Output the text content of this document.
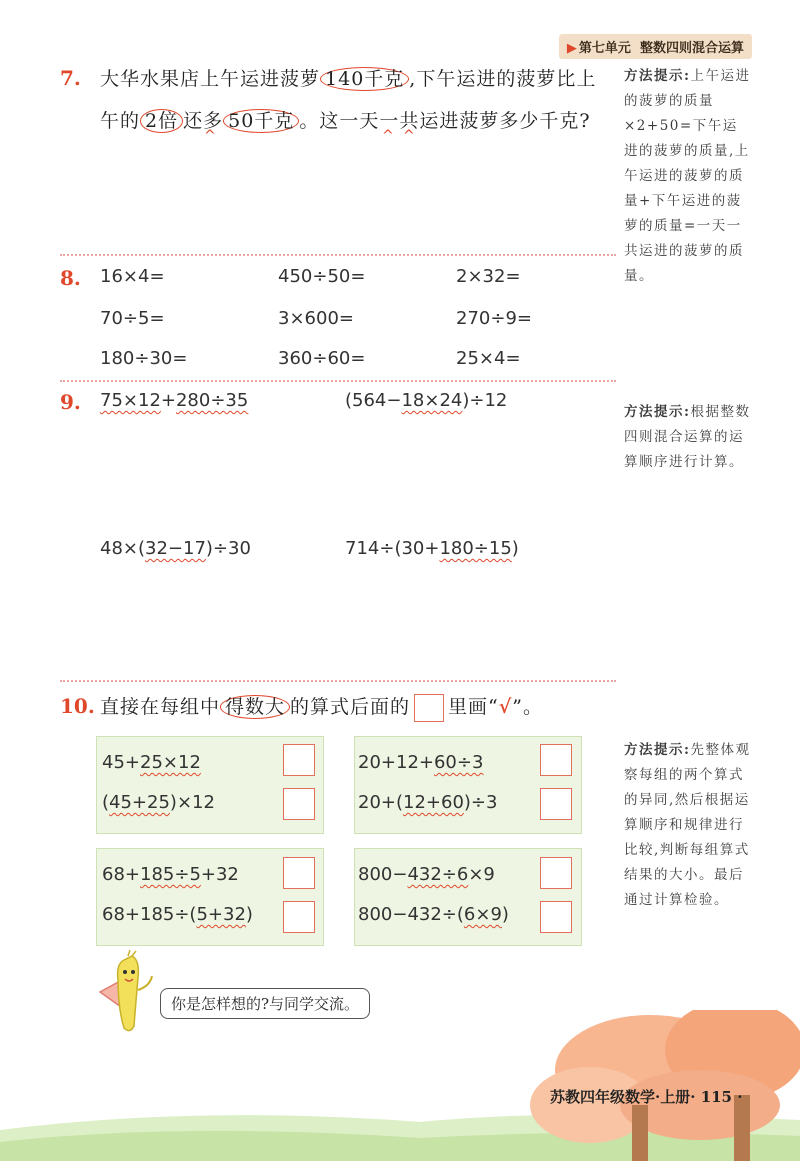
▶ 第七单元 整数四则混合运算
7. 大华水果店上午运进菠萝 140千克 ,下午运进的菠萝比上
午的 2倍 还多 50千克 。这一天一共运进菠萝多少千克?
^	^ ^
方法提示:上午运进的菠萝的质量×2+50=下午运进的菠萝的质量,上午运进的菠萝的质量+下午运进的菠萝的质量=一天一共运进的菠萝的质量。
8. 16×4=	450÷50=	2×32=
70÷5=	3×600=	270÷9=
180÷30=	360÷60=	25×4=
9. 75×12+280÷35	(564−18×24)÷12
48×(32−17)÷30	714÷(30+180÷15)
方法提示:根据整数四则混合运算的运算顺序进行计算。
10. 直接在每组中 得数大 的算式后面的 里画“√”。
45+25×12
(45+25)×12
20+12+60÷3
20+(12+60)÷3
68+185÷5+32
68+185÷(5+32)
800−432÷6×9
800−432÷(6×9)
方法提示:先整体观察每组的两个算式的异同,然后根据运算顺序和规律进行比较,判断每组算式结果的大小。最后通过计算检验。
你是怎样想的?与同学交流。
苏教四年级数学·上册· 115 ·
